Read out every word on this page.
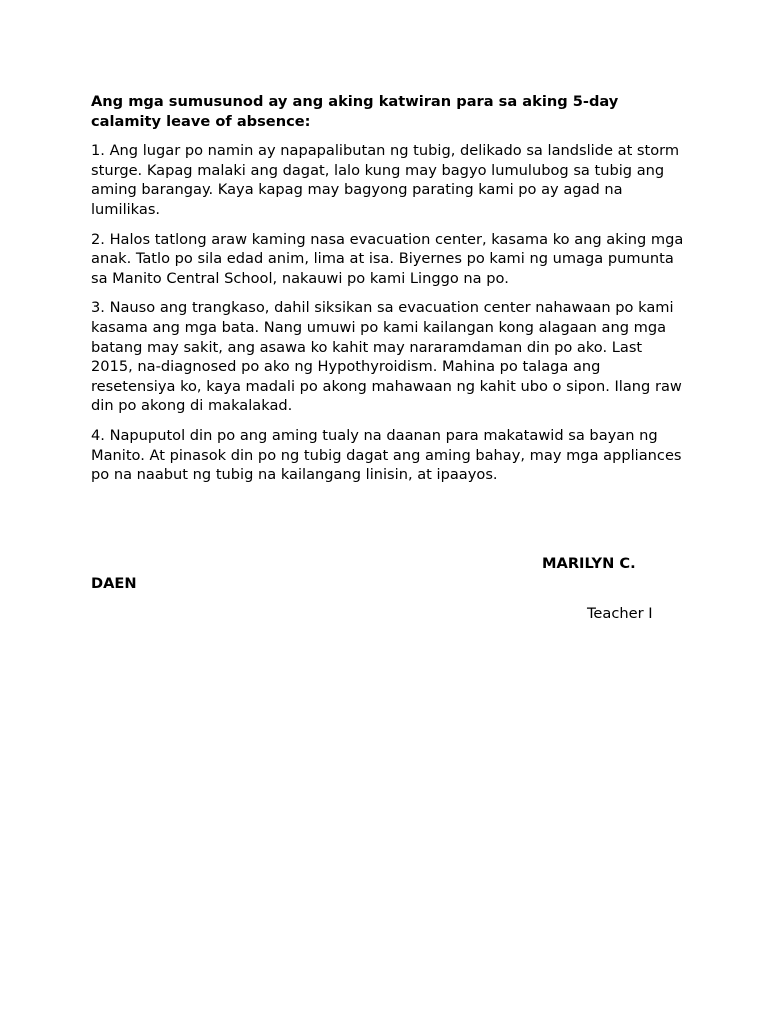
Ang mga sumusunod ay ang aking katwiran para sa aking 5-day calamity leave of absence:

1. Ang lugar po namin ay napapalibutan ng tubig, delikado sa landslide at storm sturge. Kapag malaki ang dagat, lalo kung may bagyo lumulubog sa tubig ang aming barangay. Kaya kapag may bagyong parating kami po ay agad na lumilikas.

2. Halos tatlong araw kaming nasa evacuation center, kasama ko ang aking mga anak. Tatlo po sila edad anim, lima at isa. Biyernes po kami ng umaga pumunta sa Manito Central School, nakauwi po kami Linggo na po.

3. Nauso ang trangkaso, dahil siksikan sa evacuation center nahawaan po kami kasama ang mga bata. Nang umuwi po kami kailangan kong alagaan ang mga batang may sakit, ang asawa ko kahit may nararamdaman din po ako. Last 2015, na-diagnosed po ako ng Hypothyroidism. Mahina po talaga ang resetensiya ko, kaya madali po akong mahawaan ng kahit ubo o sipon. Ilang raw din po akong di makalakad.

4. Napuputol din po ang aming tualy na daanan para makatawid sa bayan ng Manito. At pinasok din po ng tubig dagat ang aming bahay, may mga appliances po na naabut ng tubig na kailangang linisin, at ipaayos.

MARILYN C.
DAEN
Teacher I
